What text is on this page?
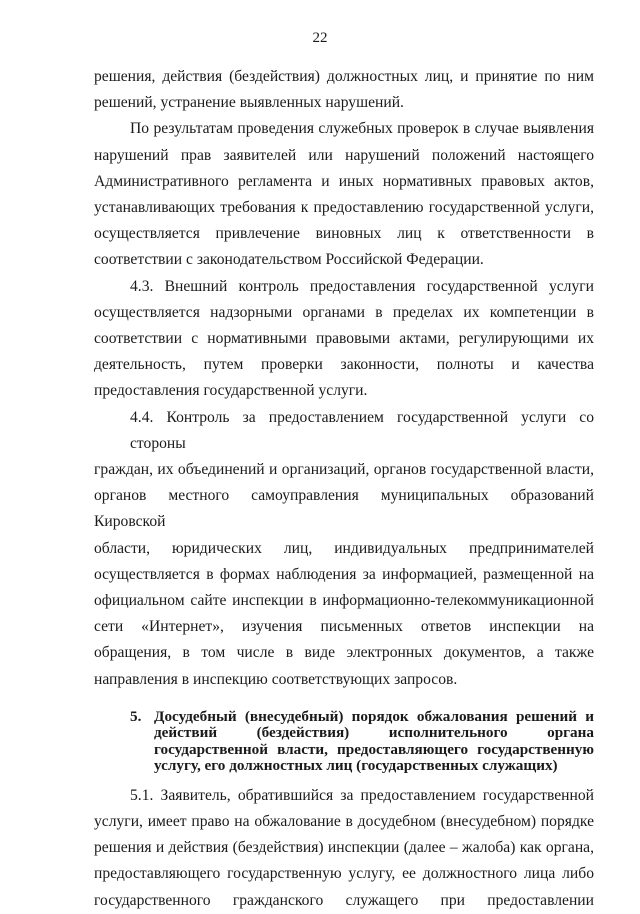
22

решения, действия (бездействия) должностных лиц, и принятие по ним
решений, устранение выявленных нарушений.

По результатам проведения служебных проверок в случае выявления

нарушений прав заявителей или нарушений положений настоящего
Административного регламента и иных нормативных правовых актов,
устанавливающих требования к предоставлению государственной услуги,
осуществляется привлечение виновных лиц к ответственности в
соответствии с законодательством Российской Федерации.

4.3. Внешний контроль предоставления государственной услуги

осуществляется надзорными органами в пределах их компетенции в
соответствии с нормативными правовыми актами, регулирующими их
деятельность, путем проверки законности, полноты и качества
предоставления государственной услуги.

4.4. Контроль за предоставлением государственной услуги со стороны

граждан, их объединений и организаций, органов государственной власти,
органов местного самоуправления муниципальных образований Кировской
области, юридических лиц, индивидуальных предпринимателей
осуществляется в формах наблюдения за информацией, размещенной на
официальном сайте инспекции в информационно-телекоммуникационной
сети «Интернет», изучения письменных ответов инспекции на
обращения, в том числе в виде электронных документов, а также
направления в инспекцию соответствующих запросов.

5. Досудебный (внесудебный) порядок обжалования решений и
действий (бездействия) исполнительного органа
государственной власти, предоставляющего государственную
услугу, его должностных лиц (государственных служащих)

5.1. Заявитель, обратившийся за предоставлением государственной

услуги, имеет право на обжалование в досудебном (внесудебном) порядке
решения и действия (бездействия) инспекции (далее – жалоба) как органа,
предоставляющего государственную услугу, ее должностного лица либо
государственного гражданского служащего при предоставлении
